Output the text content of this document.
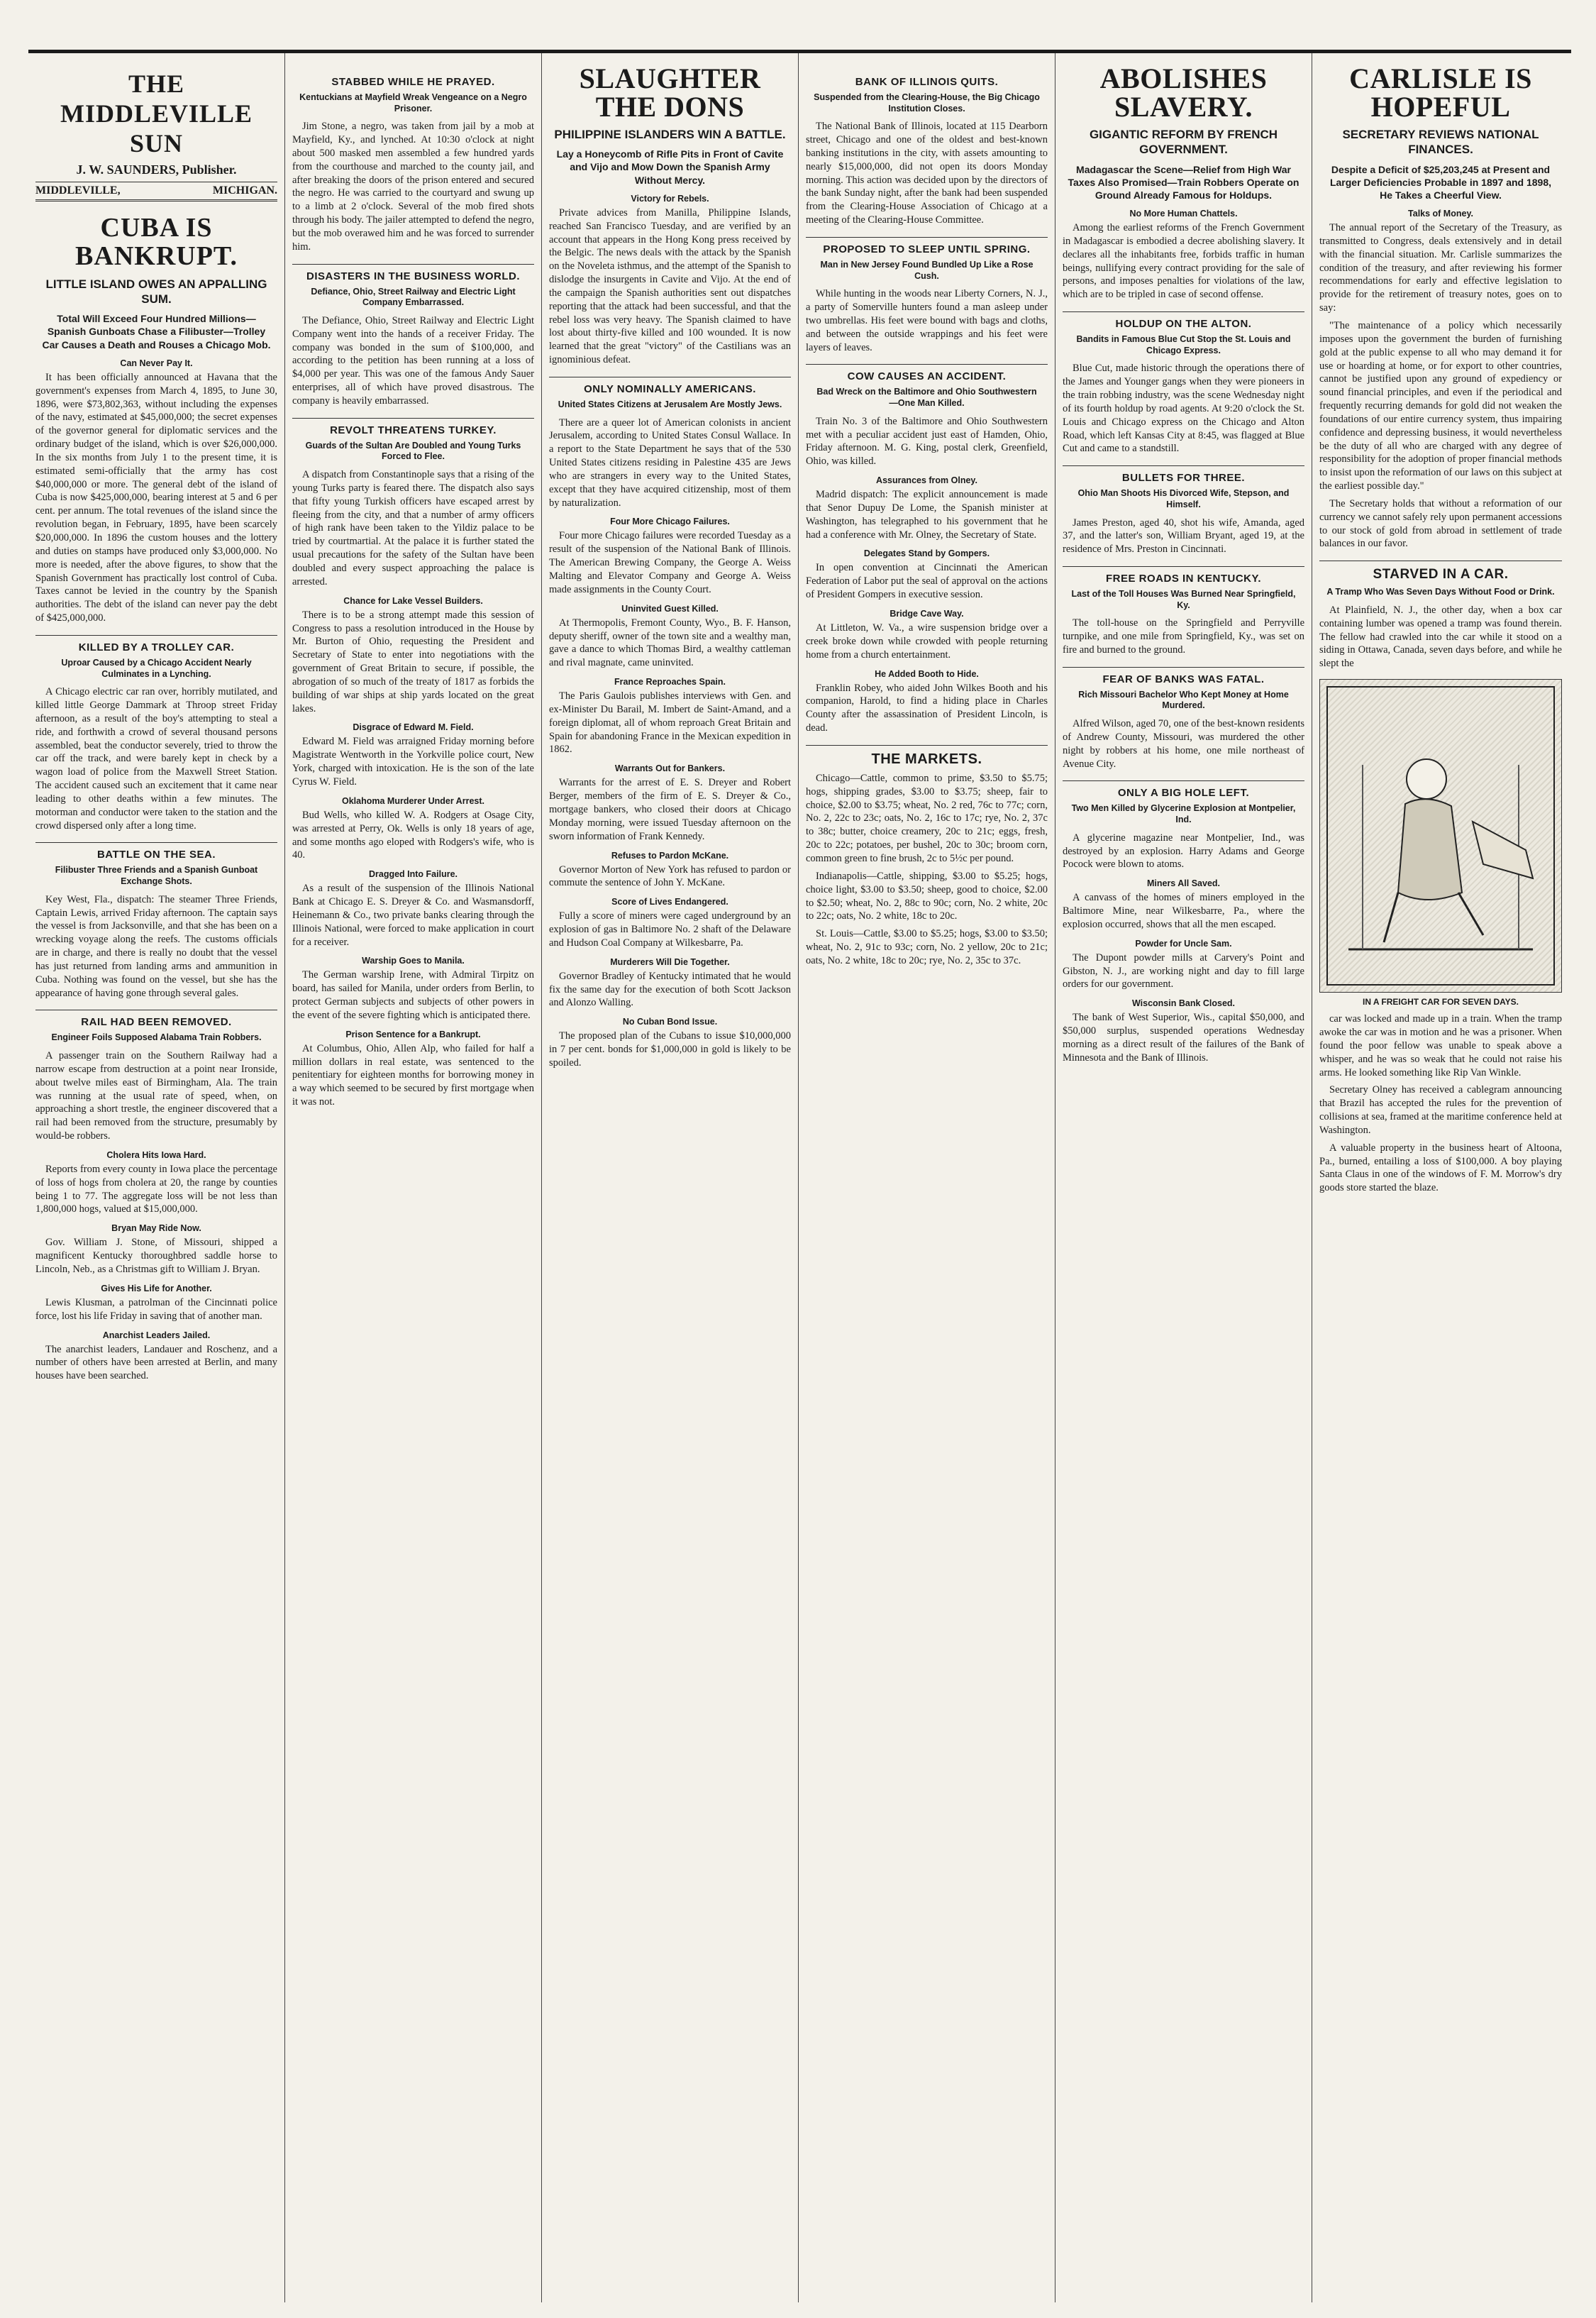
THE MIDDLEVILLE SUN
J. W. SAUNDERS, Publisher.
MIDDLEVILLE,	MICHIGAN.
CUBA IS BANKRUPT.
LITTLE ISLAND OWES AN APPALLING SUM.
Total Will Exceed Four Hundred Millions—Spanish Gunboats Chase a Filibuster—Trolley Car Causes a Death and Rouses a Chicago Mob.
Can Never Pay It.

It has been officially announced at Havana that the government's expenses from March 4, 1895, to June 30, 1896, were $73,802,363, without including the expenses of the navy, estimated at $45,000,000; the secret expenses of the governor general for diplomatic services and the ordinary budget of the island, which is over $26,000,000. In the six months from July 1 to the present time, it is estimated semi-officially that the army has cost $40,000,000 or more. The general debt of the island of Cuba is now $425,000,000, bearing interest at 5 and 6 per cent. per annum. The total revenues of the island since the revolution began, in February, 1895, have been scarcely $20,000,000. In 1896 the custom houses and the lottery and duties on stamps have produced only $3,000,000. No more is needed, after the above figures, to show that the Spanish Government has practically lost control of Cuba. Taxes cannot be levied in the country by the Spanish authorities. The debt of the island can never pay the debt of $425,000,000.

KILLED BY A TROLLEY CAR.
Uproar Caused by a Chicago Accident Nearly Culminates in a Lynching.

A Chicago electric car ran over, horribly mutilated, and killed little George Dammark at Throop street Friday afternoon, as a result of the boy's attempting to steal a ride, and forthwith a crowd of several thousand persons assembled, beat the conductor severely, tried to throw the car off the track, and were barely kept in check by a wagon load of police from the Maxwell Street Station. The accident caused such an excitement that it came near leading to other deaths within a few minutes. The motorman and conductor were taken to the station and the crowd dispersed only after a long time.

BATTLE ON THE SEA.
Filibuster Three Friends and a Spanish Gunboat Exchange Shots.

Key West, Fla., dispatch: The steamer Three Friends, Captain Lewis, arrived Friday afternoon. The captain says the vessel is from Jacksonville, and that she has been on a wrecking voyage along the reefs. The customs officials are in charge, and there is really no doubt that the vessel has just returned from landing arms and ammunition in Cuba. Nothing was found on the vessel, but she has the appearance of having gone through several gales.

RAIL HAD BEEN REMOVED.
Engineer Foils Supposed Alabama Train Robbers.

A passenger train on the Southern Railway had a narrow escape from destruction at a point near Ironside, about twelve miles east of Birmingham, Ala. The train was running at the usual rate of speed, when, on approaching a short trestle, the engineer discovered that a rail had been removed from the structure, presumably by would-be robbers.

Cholera Hits Iowa Hard.

Reports from every county in Iowa place the percentage of loss of hogs from cholera at 20, the range by counties being 1 to 77. The aggregate loss will be not less than 1,800,000 hogs, valued at $15,000,000.

Bryan May Ride Now.

Gov. William J. Stone, of Missouri, shipped a magnificent Kentucky thoroughbred saddle horse to Lincoln, Neb., as a Christmas gift to William J. Bryan.

Gives His Life for Another.

Lewis Klusman, a patrolman of the Cincinnati police force, lost his life Friday in saving that of another man.

Anarchist Leaders Jailed.

The anarchist leaders, Landauer and Roschenz, and a number of others have been arrested at Berlin, and many houses have been searched.

STABBED WHILE HE PRAYED.
Kentuckians at Mayfield Wreak Vengeance on a Negro Prisoner.

Jim Stone, a negro, was taken from jail by a mob at Mayfield, Ky., and lynched. At 10:30 o'clock at night about 500 masked men assembled a few hundred yards from the courthouse and marched to the county jail, and after breaking the doors of the prison entered and secured the negro. He was carried to the courtyard and swung up to a limb at 2 o'clock. Several of the mob fired shots through his body. The jailer attempted to defend the negro, but the mob overawed him and he was forced to surrender him.

DISASTERS IN THE BUSINESS WORLD.
Defiance, Ohio, Street Railway and Electric Light Company Embarrassed.

The Defiance, Ohio, Street Railway and Electric Light Company went into the hands of a receiver Friday. The company was bonded in the sum of $100,000, and according to the petition has been running at a loss of $4,000 per year. This was one of the famous Andy Sauer enterprises, all of which have proved disastrous. The company is heavily embarrassed.

REVOLT THREATENS TURKEY.
Guards of the Sultan Are Doubled and Young Turks Forced to Flee.

A dispatch from Constantinople says that a rising of the young Turks party is feared there. The dispatch also says that fifty young Turkish officers have escaped arrest by fleeing from the city, and that a number of army officers of high rank have been taken to the Yildiz palace to be tried by courtmartial. At the palace it is further stated the usual precautions for the safety of the Sultan have been doubled and every suspect approaching the palace is arrested.

Chance for Lake Vessel Builders.

There is to be a strong attempt made this session of Congress to pass a resolution introduced in the House by Mr. Burton of Ohio, requesting the President and Secretary of State to enter into negotiations with the government of Great Britain to secure, if possible, the abrogation of so much of the treaty of 1817 as forbids the building of war ships at ship yards located on the great lakes.

Disgrace of Edward M. Field.

Edward M. Field was arraigned Friday morning before Magistrate Wentworth in the Yorkville police court, New York, charged with intoxication. He is the son of the late Cyrus W. Field.

Oklahoma Murderer Under Arrest.

Bud Wells, who killed W. A. Rodgers at Osage City, was arrested at Perry, Ok. Wells is only 18 years of age, and some months ago eloped with Rodgers's wife, who is 40.

Dragged Into Failure.

As a result of the suspension of the Illinois National Bank at Chicago E. S. Dreyer & Co. and Wasmansdorff, Heinemann & Co., two private banks clearing through the Illinois National, were forced to make application in court for a receiver.

Warship Goes to Manila.

The German warship Irene, with Admiral Tirpitz on board, has sailed for Manila, under orders from Berlin, to protect German subjects and subjects of other powers in the event of the severe fighting which is anticipated there.

Prison Sentence for a Bankrupt.

At Columbus, Ohio, Allen Alp, who failed for half a million dollars in real estate, was sentenced to the penitentiary for eighteen months for borrowing money in a way which seemed to be secured by first mortgage when it was not.

SLAUGHTER THE DONS
PHILIPPINE ISLANDERS WIN A BATTLE.
Lay a Honeycomb of Rifle Pits in Front of Cavite and Vijo and Mow Down the Spanish Army Without Mercy.
Victory for Rebels.

Private advices from Manilla, Philippine Islands, reached San Francisco Tuesday, and are verified by an account that appears in the Hong Kong press received by the Belgic. The news deals with the attack by the Spanish on the Noveleta isthmus, and the attempt of the Spanish to dislodge the insurgents in Cavite and Vijo. At the end of the campaign the Spanish authorities sent out dispatches reporting that the attack had been successful, and that the rebel loss was very heavy. The Spanish claimed to have lost about thirty-five killed and 100 wounded. It is now learned that the great "victory" of the Castilians was an ignominious defeat.

ONLY NOMINALLY AMERICANS.
United States Citizens at Jerusalem Are Mostly Jews.

There are a queer lot of American colonists in ancient Jerusalem, according to United States Consul Wallace. In a report to the State Department he says that of the 530 United States citizens residing in Palestine 435 are Jews who are strangers in every way to the United States, except that they have acquired citizenship, most of them by naturalization.

Four More Chicago Failures.

Four more Chicago failures were recorded Tuesday as a result of the suspension of the National Bank of Illinois. The American Brewing Company, the George A. Weiss Malting and Elevator Company and George A. Weiss made assignments in the County Court.

Uninvited Guest Killed.

At Thermopolis, Fremont County, Wyo., B. F. Hanson, deputy sheriff, owner of the town site and a wealthy man, gave a dance to which Thomas Bird, a wealthy cattleman and rival magnate, came uninvited.

France Reproaches Spain.

The Paris Gaulois publishes interviews with Gen. and ex-Minister Du Barail, M. Imbert de Saint-Amand, and a foreign diplomat, all of whom reproach Great Britain and Spain for abandoning France in the Mexican expedition in 1862.

Warrants Out for Bankers.

Warrants for the arrest of E. S. Dreyer and Robert Berger, members of the firm of E. S. Dreyer & Co., mortgage bankers, who closed their doors at Chicago Monday morning, were issued Tuesday afternoon on the sworn information of Frank Kennedy.

Refuses to Pardon McKane.

Governor Morton of New York has refused to pardon or commute the sentence of John Y. McKane.

Score of Lives Endangered.

Fully a score of miners were caged underground by an explosion of gas in Baltimore No. 2 shaft of the Delaware and Hudson Coal Company at Wilkesbarre, Pa.

Murderers Will Die Together.

Governor Bradley of Kentucky intimated that he would fix the same day for the execution of both Scott Jackson and Alonzo Walling.

No Cuban Bond Issue.

The proposed plan of the Cubans to issue $10,000,000 in 7 per cent. bonds for $1,000,000 in gold is likely to be spoiled.

BANK OF ILLINOIS QUITS.
Suspended from the Clearing-House, the Big Chicago Institution Closes.

The National Bank of Illinois, located at 115 Dearborn street, Chicago and one of the oldest and best-known banking institutions in the city, with assets amounting to nearly $15,000,000, did not open its doors Monday morning. This action was decided upon by the directors of the bank Sunday night, after the bank had been suspended from the Clearing-House Association of Chicago at a meeting of the Clearing-House Committee.

PROPOSED TO SLEEP UNTIL SPRING.
Man in New Jersey Found Bundled Up Like a Rose Cush.

While hunting in the woods near Liberty Corners, N. J., a party of Somerville hunters found a man asleep under two umbrellas. His feet were bound with bags and cloths, and between the outside wrappings and his feet were layers of leaves.

COW CAUSES AN ACCIDENT.
Bad Wreck on the Baltimore and Ohio Southwestern—One Man Killed.

Train No. 3 of the Baltimore and Ohio Southwestern met with a peculiar accident just east of Hamden, Ohio, Friday afternoon. M. G. King, postal clerk, Greenfield, Ohio, was killed.

Assurances from Olney.

Madrid dispatch: The explicit announcement is made that Senor Dupuy De Lome, the Spanish minister at Washington, has telegraphed to his government that he had a conference with Mr. Olney, the Secretary of State.

Delegates Stand by Gompers.

In open convention at Cincinnati the American Federation of Labor put the seal of approval on the actions of President Gompers in executive session.

Bridge Cave Way.

At Littleton, W. Va., a wire suspension bridge over a creek broke down while crowded with people returning home from a church entertainment.

He Added Booth to Hide.

Franklin Robey, who aided John Wilkes Booth and his companion, Harold, to find a hiding place in Charles County after the assassination of President Lincoln, is dead.

THE MARKETS.

Chicago—Cattle, common to prime, $3.50 to $5.75; hogs, shipping grades, $3.00 to $3.75; sheep, fair to choice, $2.00 to $3.75; wheat, No. 2 red, 76c to 77c; corn, No. 2, 22c to 23c; oats, No. 2, 16c to 17c; rye, No. 2, 37c to 38c; butter, choice creamery, 20c to 21c; eggs, fresh, 20c to 22c; potatoes, per bushel, 20c to 30c; broom corn, common green to fine brush, 2c to 5½c per pound.

Indianapolis—Cattle, shipping, $3.00 to $5.25; hogs, choice light, $3.00 to $3.50; sheep, good to choice, $2.00 to $2.50; wheat, No. 2, 88c to 90c; corn, No. 2 white, 20c to 22c; oats, No. 2 white, 18c to 20c.

St. Louis—Cattle, $3.00 to $5.25; hogs, $3.00 to $3.50; wheat, No. 2, 91c to 93c; corn, No. 2 yellow, 20c to 21c; oats, No. 2 white, 18c to 20c; rye, No. 2, 35c to 37c.

ABOLISHES SLAVERY.
GIGANTIC REFORM BY FRENCH GOVERNMENT.
Madagascar the Scene—Relief from High War Taxes Also Promised—Train Robbers Operate on Ground Already Famous for Holdups.
No More Human Chattels.

Among the earliest reforms of the French Government in Madagascar is embodied a decree abolishing slavery. It declares all the inhabitants free, forbids traffic in human beings, nullifying every contract providing for the sale of persons, and imposes penalties for violations of the law, which are to be tripled in case of second offense.

HOLDUP ON THE ALTON.
Bandits in Famous Blue Cut Stop the St. Louis and Chicago Express.

Blue Cut, made historic through the operations there of the James and Younger gangs when they were pioneers in the train robbing industry, was the scene Wednesday night of its fourth holdup by road agents. At 9:20 o'clock the St. Louis and Chicago express on the Chicago and Alton Road, which left Kansas City at 8:45, was flagged at Blue Cut and came to a standstill.

BULLETS FOR THREE.
Ohio Man Shoots His Divorced Wife, Stepson, and Himself.

James Preston, aged 40, shot his wife, Amanda, aged 37, and the latter's son, William Bryant, aged 19, at the residence of Mrs. Preston in Cincinnati.

FREE ROADS IN KENTUCKY.
Last of the Toll Houses Was Burned Near Springfield, Ky.

The toll-house on the Springfield and Perryville turnpike, and one mile from Springfield, Ky., was set on fire and burned to the ground.

FEAR OF BANKS WAS FATAL.
Rich Missouri Bachelor Who Kept Money at Home Murdered.

Alfred Wilson, aged 70, one of the best-known residents of Andrew County, Missouri, was murdered the other night by robbers at his home, one mile northeast of Avenue City.

ONLY A BIG HOLE LEFT.
Two Men Killed by Glycerine Explosion at Montpelier, Ind.

A glycerine magazine near Montpelier, Ind., was destroyed by an explosion. Harry Adams and George Pocock were blown to atoms.

Miners All Saved.

A canvass of the homes of miners employed in the Baltimore Mine, near Wilkesbarre, Pa., where the explosion occurred, shows that all the men escaped.

Powder for Uncle Sam.

The Dupont powder mills at Carvery's Point and Gibston, N. J., are working night and day to fill large orders for our government.

Wisconsin Bank Closed.

The bank of West Superior, Wis., capital $50,000, and $50,000 surplus, suspended operations Wednesday morning as a direct result of the failures of the Bank of Minnesota and the Bank of Illinois.

CARLISLE IS HOPEFUL
SECRETARY REVIEWS NATIONAL FINANCES.
Despite a Deficit of $25,203,245 at Present and Larger Deficiencies Probable in 1897 and 1898, He Takes a Cheerful View.
Talks of Money.

The annual report of the Secretary of the Treasury, as transmitted to Congress, deals extensively and in detail with the financial situation. Mr. Carlisle summarizes the condition of the treasury, and after reviewing his former recommendations for early and effective legislation to provide for the retirement of treasury notes, goes on to say:

"The maintenance of a policy which necessarily imposes upon the government the burden of furnishing gold at the public expense to all who may demand it for use or hoarding at home, or for export to other countries, cannot be justified upon any ground of expediency or sound financial principles, and even if the periodical and frequently recurring demands for gold did not weaken the foundations of our entire currency system, thus impairing confidence and depressing business, it would nevertheless be the duty of all who are charged with any degree of responsibility for the adoption of proper financial methods to insist upon the reformation of our laws on this subject at the earliest possible day."

The Secretary holds that without a reformation of our currency we cannot safely rely upon permanent accessions to our stock of gold from abroad in settlement of trade balances in our favor.

STARVED IN A CAR.
A Tramp Who Was Seven Days Without Food or Drink.

At Plainfield, N. J., the other day, when a box car containing lumber was opened a tramp was found therein. The fellow had crawled into the car while it stood on a siding in Ottawa, Canada, seven days before, and while he slept the

IN A FREIGHT CAR FOR SEVEN DAYS.

car was locked and made up in a train. When the tramp awoke the car was in motion and he was a prisoner. When found the poor fellow was unable to speak above a whisper, and he was so weak that he could not raise his arms. He looked something like Rip Van Winkle.

Secretary Olney has received a cablegram announcing that Brazil has accepted the rules for the prevention of collisions at sea, framed at the maritime conference held at Washington.

A valuable property in the business heart of Altoona, Pa., burned, entailing a loss of $100,000. A boy playing Santa Claus in one of the windows of F. M. Morrow's dry goods store started the blaze.
